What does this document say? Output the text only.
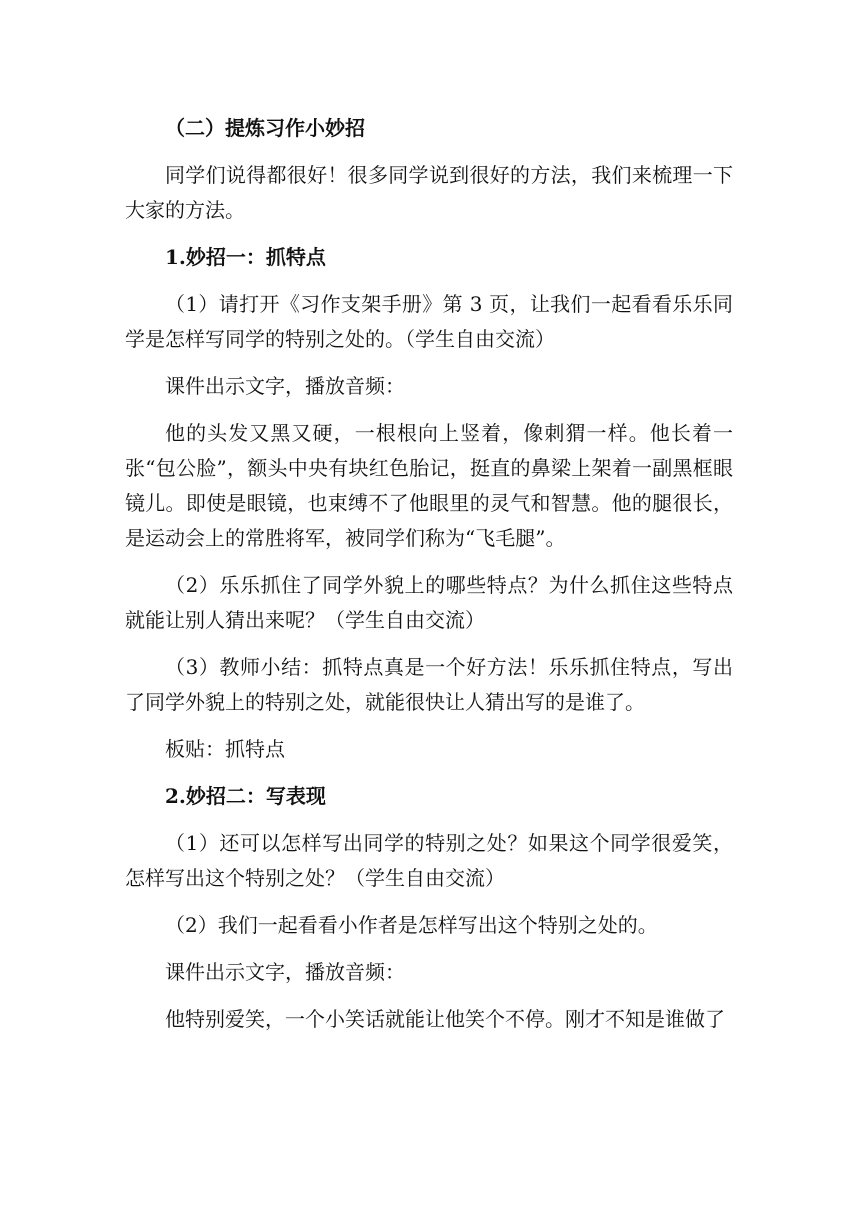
（二）提炼习作小妙招

同学们说得都很好！很多同学说到很好的方法，我们来梳理一下大家的方法。

1.妙招一：抓特点

（1）请打开《习作支架手册》第 3 页，让我们一起看看乐乐同学是怎样写同学的特别之处的。（学生自由交流）

课件出示文字，播放音频：

他的头发又黑又硬，一根根向上竖着，像刺猬一样。他长着一张“包公脸”，额头中央有块红色胎记，挺直的鼻梁上架着一副黑框眼镜儿。即使是眼镜，也束缚不了他眼里的灵气和智慧。他的腿很长，是运动会上的常胜将军，被同学们称为“飞毛腿”。

（2）乐乐抓住了同学外貌上的哪些特点？为什么抓住这些特点就能让别人猜出来呢？（学生自由交流）

（3）教师小结：抓特点真是一个好方法！乐乐抓住特点，写出了同学外貌上的特别之处，就能很快让人猜出写的是谁了。

板贴：抓特点

2.妙招二：写表现

（1）还可以怎样写出同学的特别之处？如果这个同学很爱笑，怎样写出这个特别之处？（学生自由交流）

（2）我们一起看看小作者是怎样写出这个特别之处的。

课件出示文字，播放音频：

他特别爱笑，一个小笑话就能让他笑个不停。刚才不知是谁做了
